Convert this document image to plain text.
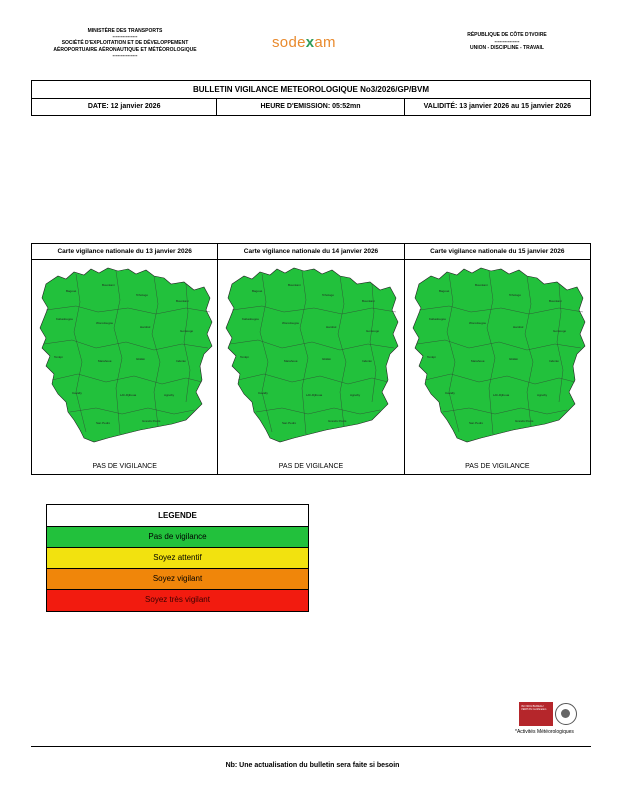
MINISTÈRE DES TRANSPORTS
---------------
SOCIÉTÉ D'EXPLOITATION ET DE DÉVELOPPEMENT
AÉROPORTUAIRE AÉRONAUTIQUE ET MÉTÉOROLOGIQUE
---------------
sodexam	RÉPUBLIQUE DE CÔTE D'IVOIRE
---------------
UNION - DISCIPLINE - TRAVAIL
BULLETIN VIGILANCE METEOROLOGIQUE No3/2026/GP/BVM
DATE: 12 janvier 2026	HEURE D'EMISSION: 05:52mn	VALIDITÉ: 13 janvier 2026 au 15 janvier 2026
Carte vigilance nationale du 13 janvier 2026
Bagoué
Bounkani
Tchologo
Bounkani
Kabadougou
Worodougou
Hambol
Gontougo
Tonkpi
Marahoué	Gbêkê	Indénié
Cavally	Lôh-Djiboua	Agnéby
San Pedro	Grands Ponts
PAS DE VIGILANCE
Carte vigilance nationale du 14 janvier 2026
Bagoué
Bounkani
Tchologo
Bounkani
Kabadougou
Worodougou
Hambol
Gontougo
Tonkpi
Marahoué	Gbêkê	Indénié
Cavally	Lôh-Djiboua	Agnéby
San Pedro	Grands Ponts
PAS DE VIGILANCE
Carte vigilance nationale du 15 janvier 2026
Bagoué
Bounkani
Tchologo
Bounkani
Kabadougou
Worodougou
Hambol
Gontougo
Tonkpi
Marahoué	Gbêkê	Indénié
Cavally	Lôh-Djiboua	Agnéby
San Pedro	Grands Ponts
PAS DE VIGILANCE
LEGENDE
Pas de vigilance
Soyez attentif
Soyez vigilant
Soyez très vigilant
ISO 9001 BUREAU VERITAS Certification
*Activités Météorologiques
Nb: Une actualisation du bulletin sera faite si besoin
